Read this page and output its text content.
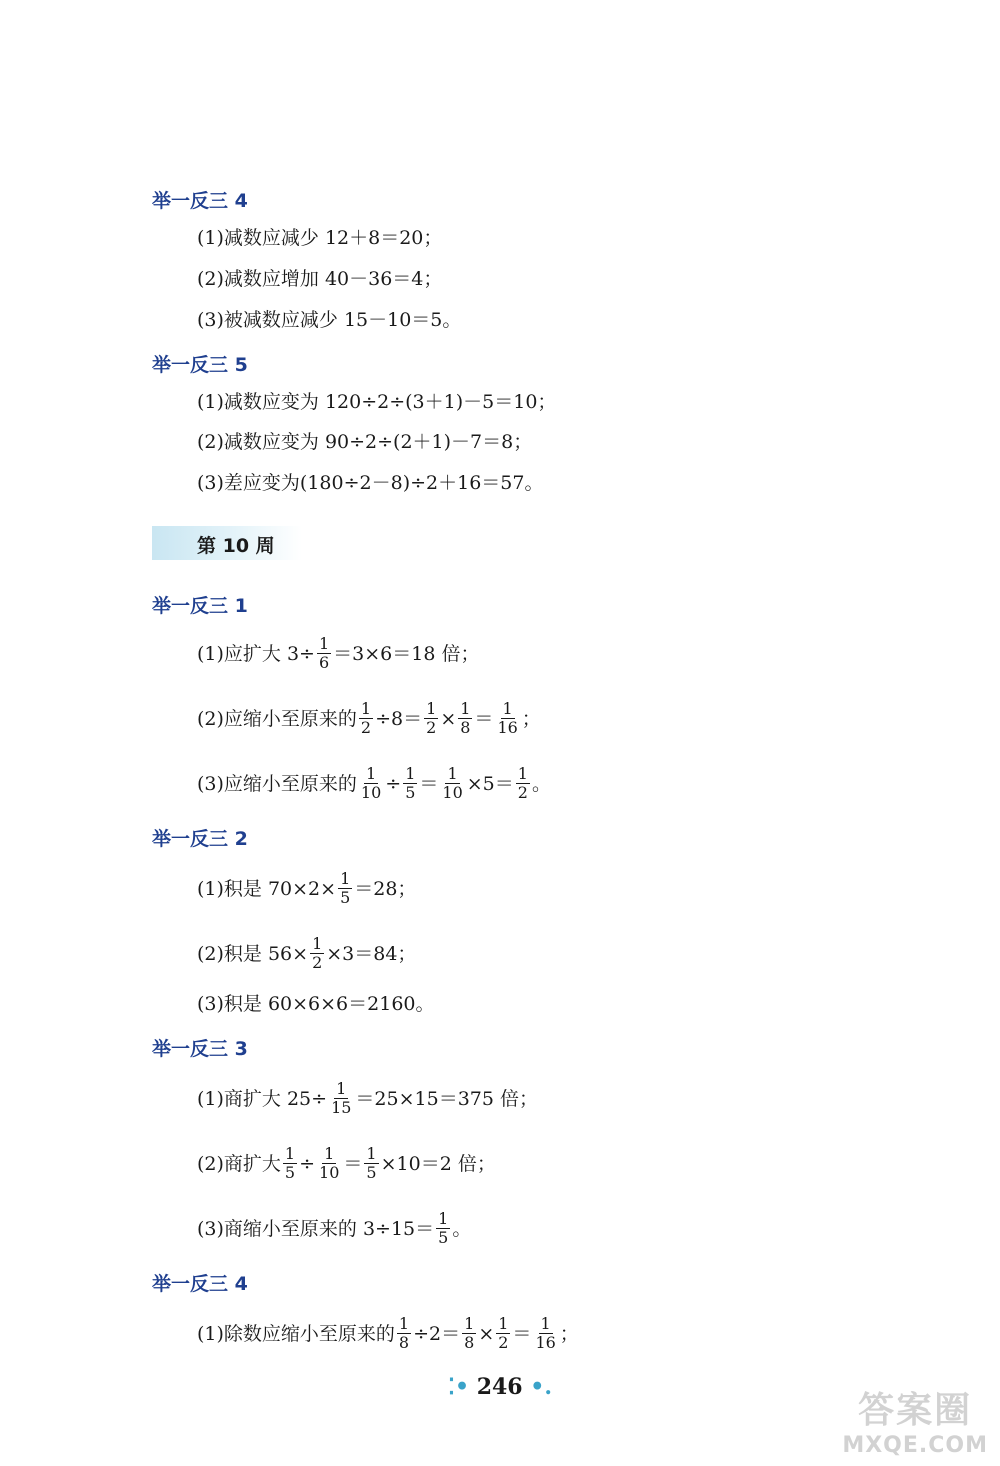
举一反三 4

(1)减数应减少 12＋8＝20；

(2)减数应增加 40－36＝4；

(3)被减数应减少 15－10＝5。

举一反三 5

(1)减数应变为 120÷2÷(3＋1)－5＝10；

(2)减数应变为 90÷2÷(2＋1)－7＝8；

(3)差应变为(180÷2－8)÷2＋16＝57。

第 10 周

举一反三 1

(1)应扩大 $3\div \frac{1}{6} =3\times 6=18$ 倍；
(2)应缩小至原来的 $\frac{1}{2} \div 8= \frac{1}{2} \times \frac{1}{8} = \frac{1}{16}$ ；
(3)应缩小至原来的 $\frac{1}{10} \div \frac{1}{5} = \frac{1}{10} \times 5= \frac{1}{2}$ 。

举一反三 2

(1)积是 $70\times 2\times \frac{1}{5} =28$；
(2)积是 $56\times \frac{1}{2} \times 3=84$；

(3)积是 60×6×6＝2160。

举一反三 3

(1)商扩大 $25\div \frac{1}{15} =25\times 15=375$ 倍；
(2)商扩大 $\frac{1}{5} \div \frac{1}{10} = \frac{1}{5} \times 10=2$ 倍；
(3)商缩小至原来的 $3\div 15= \frac{1}{5}$ 。

举一反三 4

(1)除数应缩小至原来的 $\frac{1}{8} \div 2= \frac{1}{8} \times \frac{1}{2} = \frac{1}{16}$ ；
⁚• 246 •.
答案圈
MXQE.COM
